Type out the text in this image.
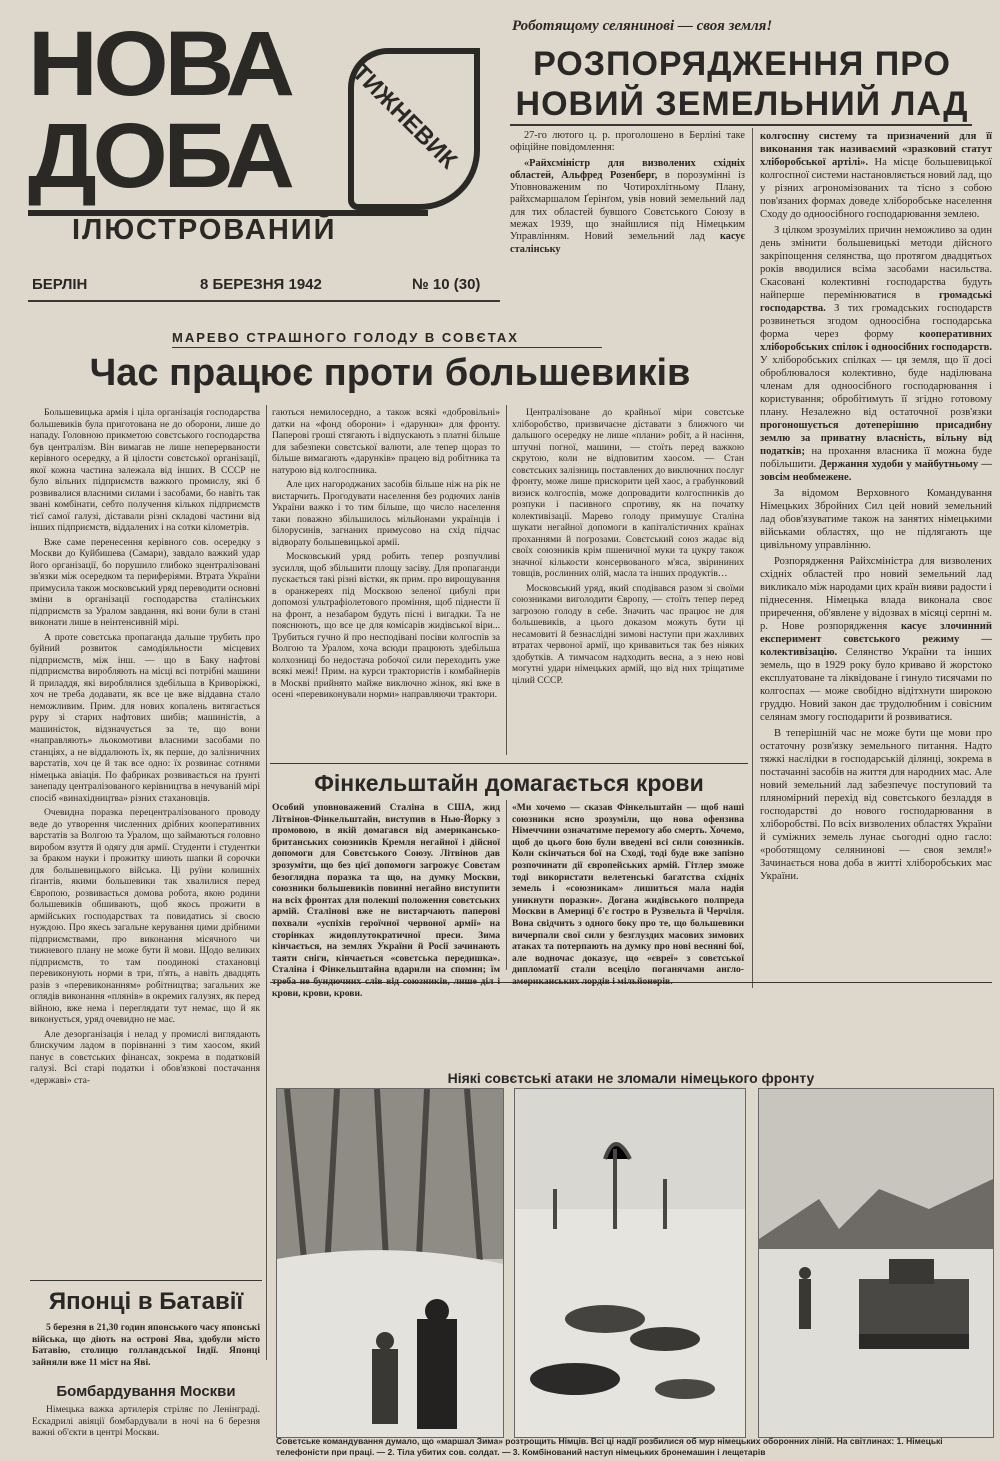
НОВА
ДОБА ТИЖНЕВИК
ІЛЮСТРОВАНИЙ
БЕРЛІН	8 БЕРЕЗНЯ 1942	№ 10 (30)
Роботящому селянинові — своя земля!
РОЗПОРЯДЖЕННЯ ПРО НОВИЙ ЗЕМЕЛЬНИЙ ЛАД

27-го лютого ц. р. проголошено в Берліні таке офіційне повідомлення:

«Райхсміністр для визволених східніх областей, Альфред Розенберг, в порозумінні із Уповноваженим по Чотирохлітньому Плану, райхсмаршалом Ґерінґом, увів новий земельний лад для тих областей бувшого Совєтського Союзу в межах 1939, що знайшлися під Німецьким Управлінням. Новий земельний лад касує сталінську

колгоспну систему та призначений для її виконання так називаємий «зразковий статут хліборобської артілі». На місце большевицької колгоспної системи настановляється новий лад, що у різних агрономізованих та тісно з собою пов'язаних формах доведе хліборобське населення Сходу до одноосібного господарювання землею.

З цілком зрозумілих причин неможливо за один день змінити большевицькі методи дійсного закріпощення селянства, що протягом двадцятьох років вводилися всіма засобами насильства. Скасовані колективні господарства будуть найперше перемінюватися в громадські господарства. З тих громадських господарств розвинеться згодом одноосібна господарська форма через форму кооперативних хліборобських спілок і одноосібних господарств. У хліборобських спілках — ця земля, що її досі оброблювалося колективно, буде наділювана членам для одноосібного господарювання і користування; обробітимуть її згідно готовому плану. Незалежно від остаточної розв'язки прогоношується дотеперішню присадибну землю за приватну власність, вільну від податків; на прохання власника її можна буде побільшити. Держання худоби у майбутньому — зовсім необмежене.

За відомом Верховного Командування Німецьких Збройних Сил цей новий земельний лад обов'язуватиме також на занятих німецькими військами областях, що не підлягають ще цивільному управлінню.

Розпорядження Райхсміністра для визволених східніх областей про новий земельний лад викликало між народами цих країн вияви радости і піднесення. Німецька влада виконала своє приречення, об'явлене у відозвах в місяці серпні м. р. Нове розпорядження касує злочинний експеримент совєтського режиму — колективізацію. Селянство України та інших земель, що в 1929 року було криваво й жорстоко експлуатоване та ліквідоване і гинуло тисячами по колгоспах — може свобідно відітхнути широкою груддю. Новий закон дає трудолюбним і совісним селянам змогу господарити й розвиватися.

В теперішній час не може бути ще мови про остаточну розв'язку земельного питання. Надто тяжкі наслідки в господарській ділянці, зокрема в постачанні засобів на життя для народних мас. Але новий земельний лад забезпечує поступовий та пляномірний перехід від совєтського безладдя в господарстві до нового господарювання в хліборобстві. По всіх визволених областях України й суміжних земель лунає сьогодні одно гасло: «роботящому селянинові — своя земля!» Зачинається нова доба в житті хліборобських мас України.

МАРЕВО СТРАШНОГО ГОЛОДУ В СОВЄТАХ
Час працює проти большевиків

Большевицька армія і ціла організація господарства большевиків була приготована не до оборони, лише до нападу. Головною прикметою совєтського господарства був централізм. Він вимагав не лише неперерваности керівного осередку, а й цілости совєтської організації, якої кожна частина залежала від інших. В СССР не було вільних підприємств важкого промислу, які б розвивалися власними силами і засобами, бо навіть так звані комбінати, себто получення кількох підприємств тієї самої галузі, діставали різні складові частини від інших підприємств, віддалених і на сотки кілометрів.

Вже саме перенесення керівного сов. осередку з Москви до Куйбишева (Самари), завдало важкий удар його організації, бо порушило глибоко зцентралізовані зв'язки між осередком та периферіями. Втрата України примусила також московський уряд переводити основні зміни в організації господарства сталінських підприємств за Уралом завдання, які вони були в стані виконати лише в неінтенсивній мірі.

А проте совєтська пропаганда дальше трубить про буйний розвиток самодіяльности місцевих підприємств, між інш. — що в Баку нафтові підприємства виробляють на місці всі потрібні машини й приладдя, які вироблялися здебільша в Криворіжжі, хоч не треба додавати, як все це вже віддавна стало неможливим. Прим. для нових копалень витягається руру зі старих нафтових шибів; машиністів, а машиністок, відзначується за те, що вони «направляють» льокомотиви власними засобами по станціях, а не віддалюють їх, як перше, до залізничних варстатів, хоч це й так все одно: їх розвинає сотнями німецька авіація. По фабриках розвивається на ґрунті занепаду централізованого керівництва в нечуваній мірі спосіб «винахідництва» різних стахановців.

Очевидна поразка перецентралізованого проводу веде до утворення численних дрібних кооперативних варстатів за Волгою та Уралом, що займаються головно виробом взуття й одягу для армії. Студенти і студентки за браком науки і прожитку шиють шапки й сорочки для большевицького війська. Ці руїни колишніх ґіґантів, якими большевики так хвалилися перед Європою, розвивається домова робота, якою родини большевиків обшивають, щоб якось прожити в армійських господарствах та повидатись зі своєю нуждою. Про якесь загальне керування цими дрібними підприємствами, про виконання місячного чи тижневого плану не може бути й мови. Щодо великих підприємств, то там поодинокі стахановці перевиконують норми в три, п'ять, а навіть двадцять разів з «перевиконанням» робітництва; загальних же оглядів виконання «плянів» в окремих галузях, як перед війною, вже нема і переглядати тут немає, що й як виконується, уряд очевидно не має.

Але дезорганізація і нелад у промислі виглядають блискучим ладом в порівнанні з тим хаосом, який панує в совєтських фінансах, зокрема в податковій галузі. Всі старі податки і обов'язкові постачання «державі» ста-

гаються немилосердно, а також всякі «добровільні» датки на «фонд оборони» і «дарунки» для фронту. Паперові гроші стягають і відпускають з платні більше для забезпеки совєтської валюти, але тепер щораз то більше вимагають «дарунків» працею від робітника та натурою від колгоспника.

Але цих нагороджаних засобів більше ніж на рік не вистарчить. Прогодувати населення без родючих ланів України важко і то тим більше, що число населення таки поважно збільшилось мільйонами українців і білорусинів, загнаних примусово на схід підчас відворату большевицької армії.

Московський уряд робить тепер розпучливі зусилля, щоб збільшити площу засіву. Для пропаганди пускається такі різні вістки, як прим. про вирощування в оранжереях під Москвою зеленої цибулі при допомозі ультрафіолетового проміння, щоб піднести її на фронт, а незабаром будуть пісні і вигадки. Та не пояснюють, що все це для комісарів жидівської віри... Трубиться гучно й про несподівані посіви колгоспів за Волгою та Уралом, хоча всюди працюють здебільша колхозниці бо недостача робочої сили переходить уже всякі межі! Прим. на курси трактористів і комбайнерів в Москві прийнято майже виключно жінок, які вже в осені «перевиконували норми» направляючи трактори.

Централізоване до крайньої міри совєтське хліборобство, призвичаєне діставати з ближчого чи дальшого осередку не лише «плани» робіт, а й насіння, штучні погної, машини, — стоїть перед важкою скрутою, коли не відповитим хаосом. — Стан совєтських залізниць поставлених до виключних послуг фронту, може лише прискорити цей хаос, а грабунковий визиск колгоспів, може допровадити колгоспників до розпуки і пасивного спротиву, як на початку колективізації. Марево голоду примушує Сталіна шукати негайної допомоги в капіталістичних країнах проханнями й погрозами. Совєтський союз жадає від своїх союзників крім пшеничної муки та цукру також значної кількости консервованого м'яса, звірининих товщів, рослинних олій, масла та інших продуктів…

Московський уряд, який сподівався разом зі своїми союзниками виголодити Європу, — стоїть тепер перед загрозою голоду в себе. Значить час працює не для большевиків, а цього доказом можуть бути ці несамовиті й безнаслідні зимові наступи при жахливих втратах червоної армії, що кривавиться так без ніяких здобутків. А тимчасом надходить весна, а з нею нові могутні удари німецьких армій, що від них тріщатиме цілий СССР.

Фінкельштайн домагається крови
Особий уповноважений Сталіна в США, жид Літвінов-Фінкельштайн, виступив в Нью-Йорку з промовою, в якій домагався від американсько-британських союзників Кремля негайної і дійсної допомоги для Совєтського Союзу. Літвінов дав зрозуміти, що без цієї допомоги загрожує Совєтам безоглядна поразка та що, на думку Москви, союзники большевиків повинні негайно виступити на всіх фронтах для полекші положення совєтських армій. Сталінові вже не вистарчають паперові похвали «успіхів героїчної червоної армії» на сторінках жидоплутократичної преси. Зима кінчається, на землях України й Росії зачинають таяти сніги, кінчається «совєтська передишка». Сталіна і Фінкельштайна вдарили на спомин; їм крови, крови, крови.
«Ми хочемо — сказав Фінкельштайн — щоб наші союзники ясно зрозуміли, що нова офензива Німеччини означатиме перемогу або смерть. Хочемо, щоб до цього бою були введені всі сили союзників. Коли скінчаться бої на Сході, тоді буде вже запізно розпочинати дії європейських армій. Гітлер зможе тоді використати велетенські багатства східніх земель і «союзникам» лишиться мала надія уникнути поразки». Догана жидівського полпреда Москви в Америці б'є гостро в Рузвельта й Черчіля. Вона свідчить з одного боку про те, що большевики вичерпали свої сили у безглуздих масових зимових атаках та потерпають на думку про нові весняні бої, але водночас доказує, що «євреї» з совєтської дипломатії стали всеціло поганячами англо-
Японці в Батавії
5 березня в 21,30 годин японського часу японські війська, що діють на острові Ява, здобули місто Батавію, столицю голландської Індії. Японці зайняли вже 11 міст на Яві.
Бомбардування Москви
Німецька важка артилерія стріляє по Ленінграді. Ескадрилі авіяції бомбардували в ночі на 6 березня важні об'єкти в центрі Москви.
Ніякі совєтські атаки не зломали німецького фронту
Совєтське командування думало, що «маршал Зима» розтрощить Німців. Всі ці надії розбилися об мур німецьких оборонних ліній. На світлинах: 1. Німецькі телефоністи при праці. — 2. Тіла убитих сов. солдат. — 3. Комбінований наступ німецьких бронемашин і лещетарів
